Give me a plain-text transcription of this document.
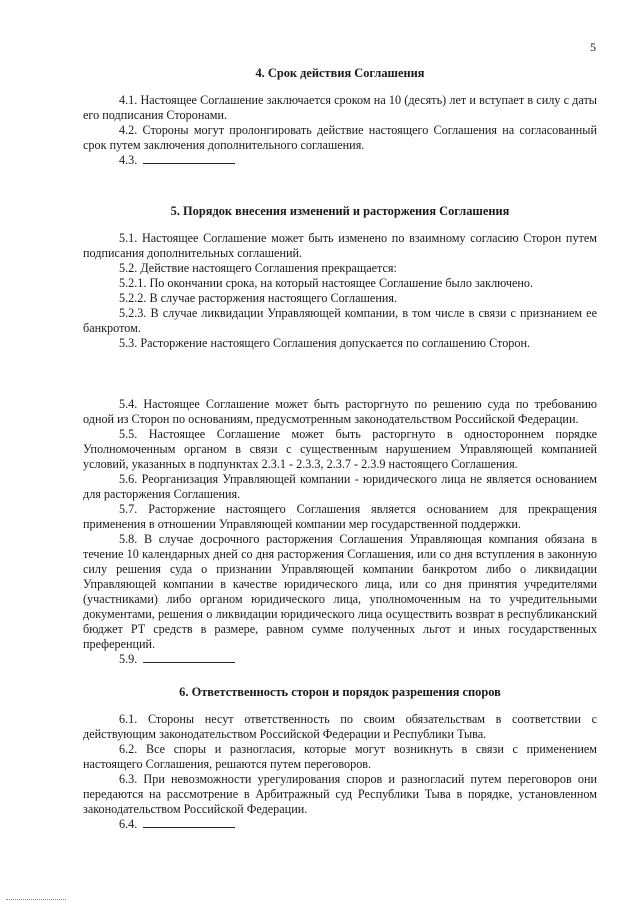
5
4. Срок действия Соглашения

4.1. Настоящее Соглашение заключается сроком на 10 (десять) лет и вступает в силу с даты его подписания Сторонами.

4.2. Стороны могут пролонгировать действие настоящего Соглашения на согласованный срок путем заключения дополнительного соглашения.

4.3.

5. Порядок внесения изменений и расторжения Соглашения

5.1. Настоящее Соглашение может быть изменено по взаимному согласию Сторон путем подписания дополнительных соглашений.

5.2. Действие настоящего Соглашения прекращается:

5.2.1. По окончании срока, на который настоящее Соглашение было заключено.

5.2.2. В случае расторжения настоящего Соглашения.

5.2.3. В случае ликвидации Управляющей компании, в том числе в связи с признанием ее банкротом.

5.3. Расторжение настоящего Соглашения допускается по соглашению Сторон.

5.4. Настоящее Соглашение может быть расторгнуто по решению суда по требованию одной из Сторон по основаниям, предусмотренным законодательством Российской Федерации.

5.5. Настоящее Соглашение может быть расторгнуто в одностороннем порядке Уполномоченным органом в связи с существенным нарушением Управляющей компанией условий, указанных в подпунктах 2.3.1 - 2.3.3, 2.3.7 - 2.3.9 настоящего Соглашения.

5.6. Реорганизация Управляющей компании - юридического лица не является основанием для расторжения Соглашения.

5.7. Расторжение настоящего Соглашения является основанием для прекращения применения в отношении Управляющей компании мер государственной поддержки.

5.8. В случае досрочного расторжения Соглашения Управляющая компания обязана в течение 10 календарных дней со дня расторжения Соглашения, или со дня вступления в законную силу решения суда о признании Управляющей компании банкротом либо о ликвидации Управляющей компании в качестве юридического лица, или со дня принятия учредителями (участниками) либо органом юридического лица, уполномоченным на то учредительными документами, решения о ликвидации юридического лица осуществить возврат в республиканский бюджет РТ средств в размере, равном сумме полученных льгот и иных государственных преференций.

5.9.

6. Ответственность сторон и порядок разрешения споров

6.1. Стороны несут ответственность по своим обязательствам в соответствии с действующим законодательством Российской Федерации и Республики Тыва.

6.2. Все споры и разногласия, которые могут возникнуть в связи с применением настоящего Соглашения, решаются путем переговоров.

6.3. При невозможности урегулирования споров и разногласий путем переговоров они передаются на рассмотрение в Арбитражный суд Республики Тыва в порядке, установленном законодательством Российской Федерации.

6.4.
